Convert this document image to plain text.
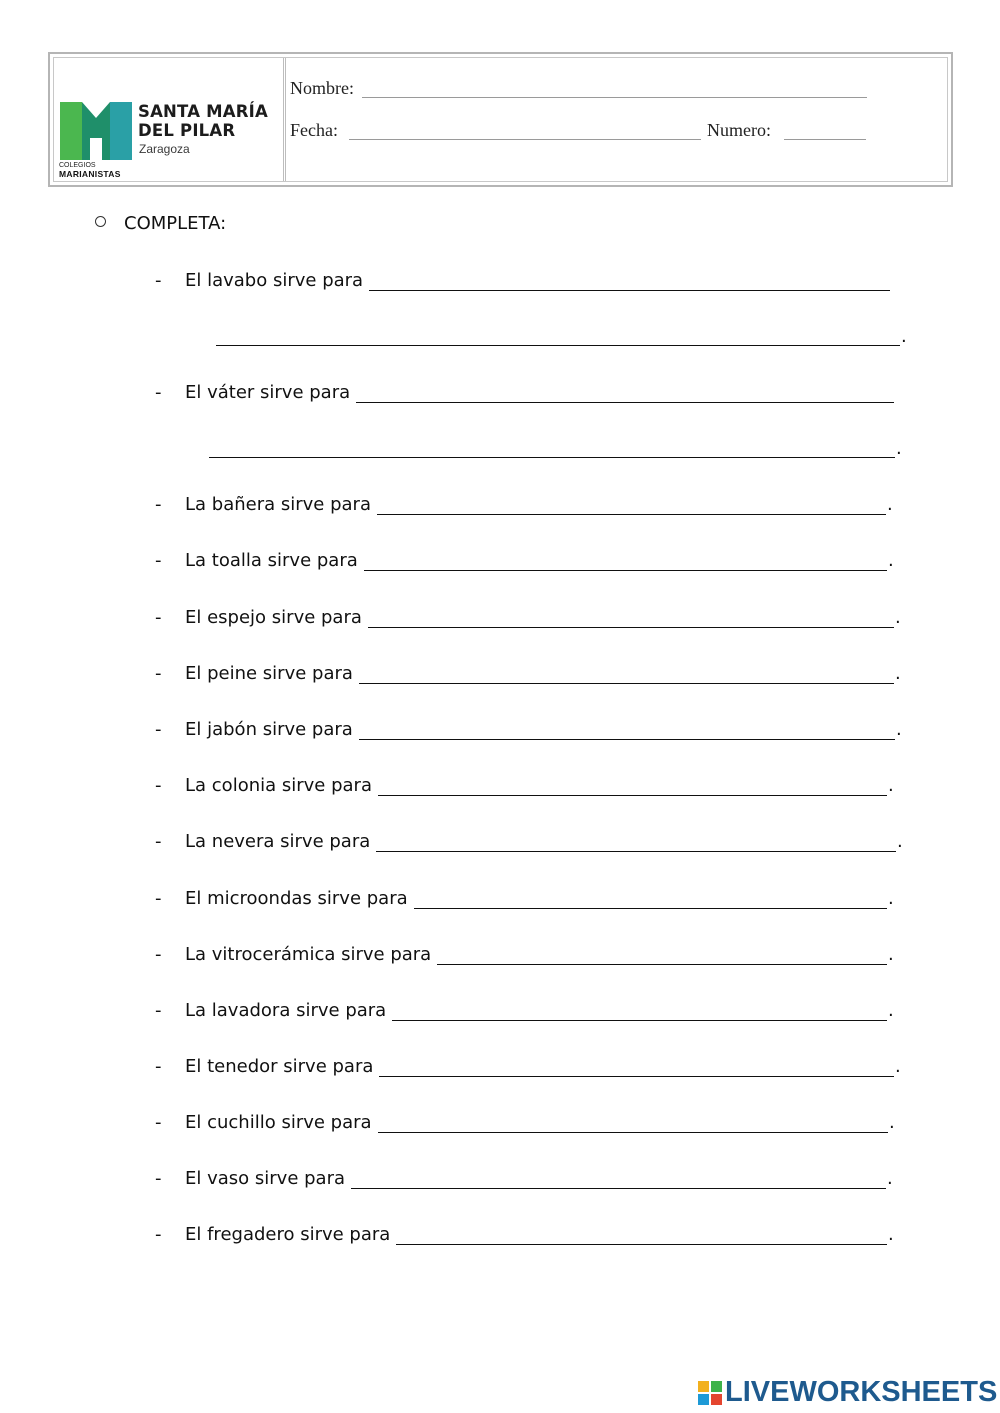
SANTA MARÍA
DEL PILAR
Zaragoza
COLEGIOS
MARIANISTAS
Nombre:
Fecha:	Numero:
COMPLETA:
- El lavabo sirve para
.
- El váter sirve para
.
- La bañera sirve para	.
- La toalla sirve para	.
- El espejo sirve para	.
- El peine sirve para	.
- El jabón sirve para	.
- La colonia sirve para	.
- La nevera sirve para	.
- El microondas sirve para	.
- La vitrocerámica sirve para	.
- La lavadora sirve para	.
- El tenedor sirve para	.
- El cuchillo sirve para	.
- El vaso sirve para	.
- El fregadero sirve para	.
LIVEWORKSHEETS
